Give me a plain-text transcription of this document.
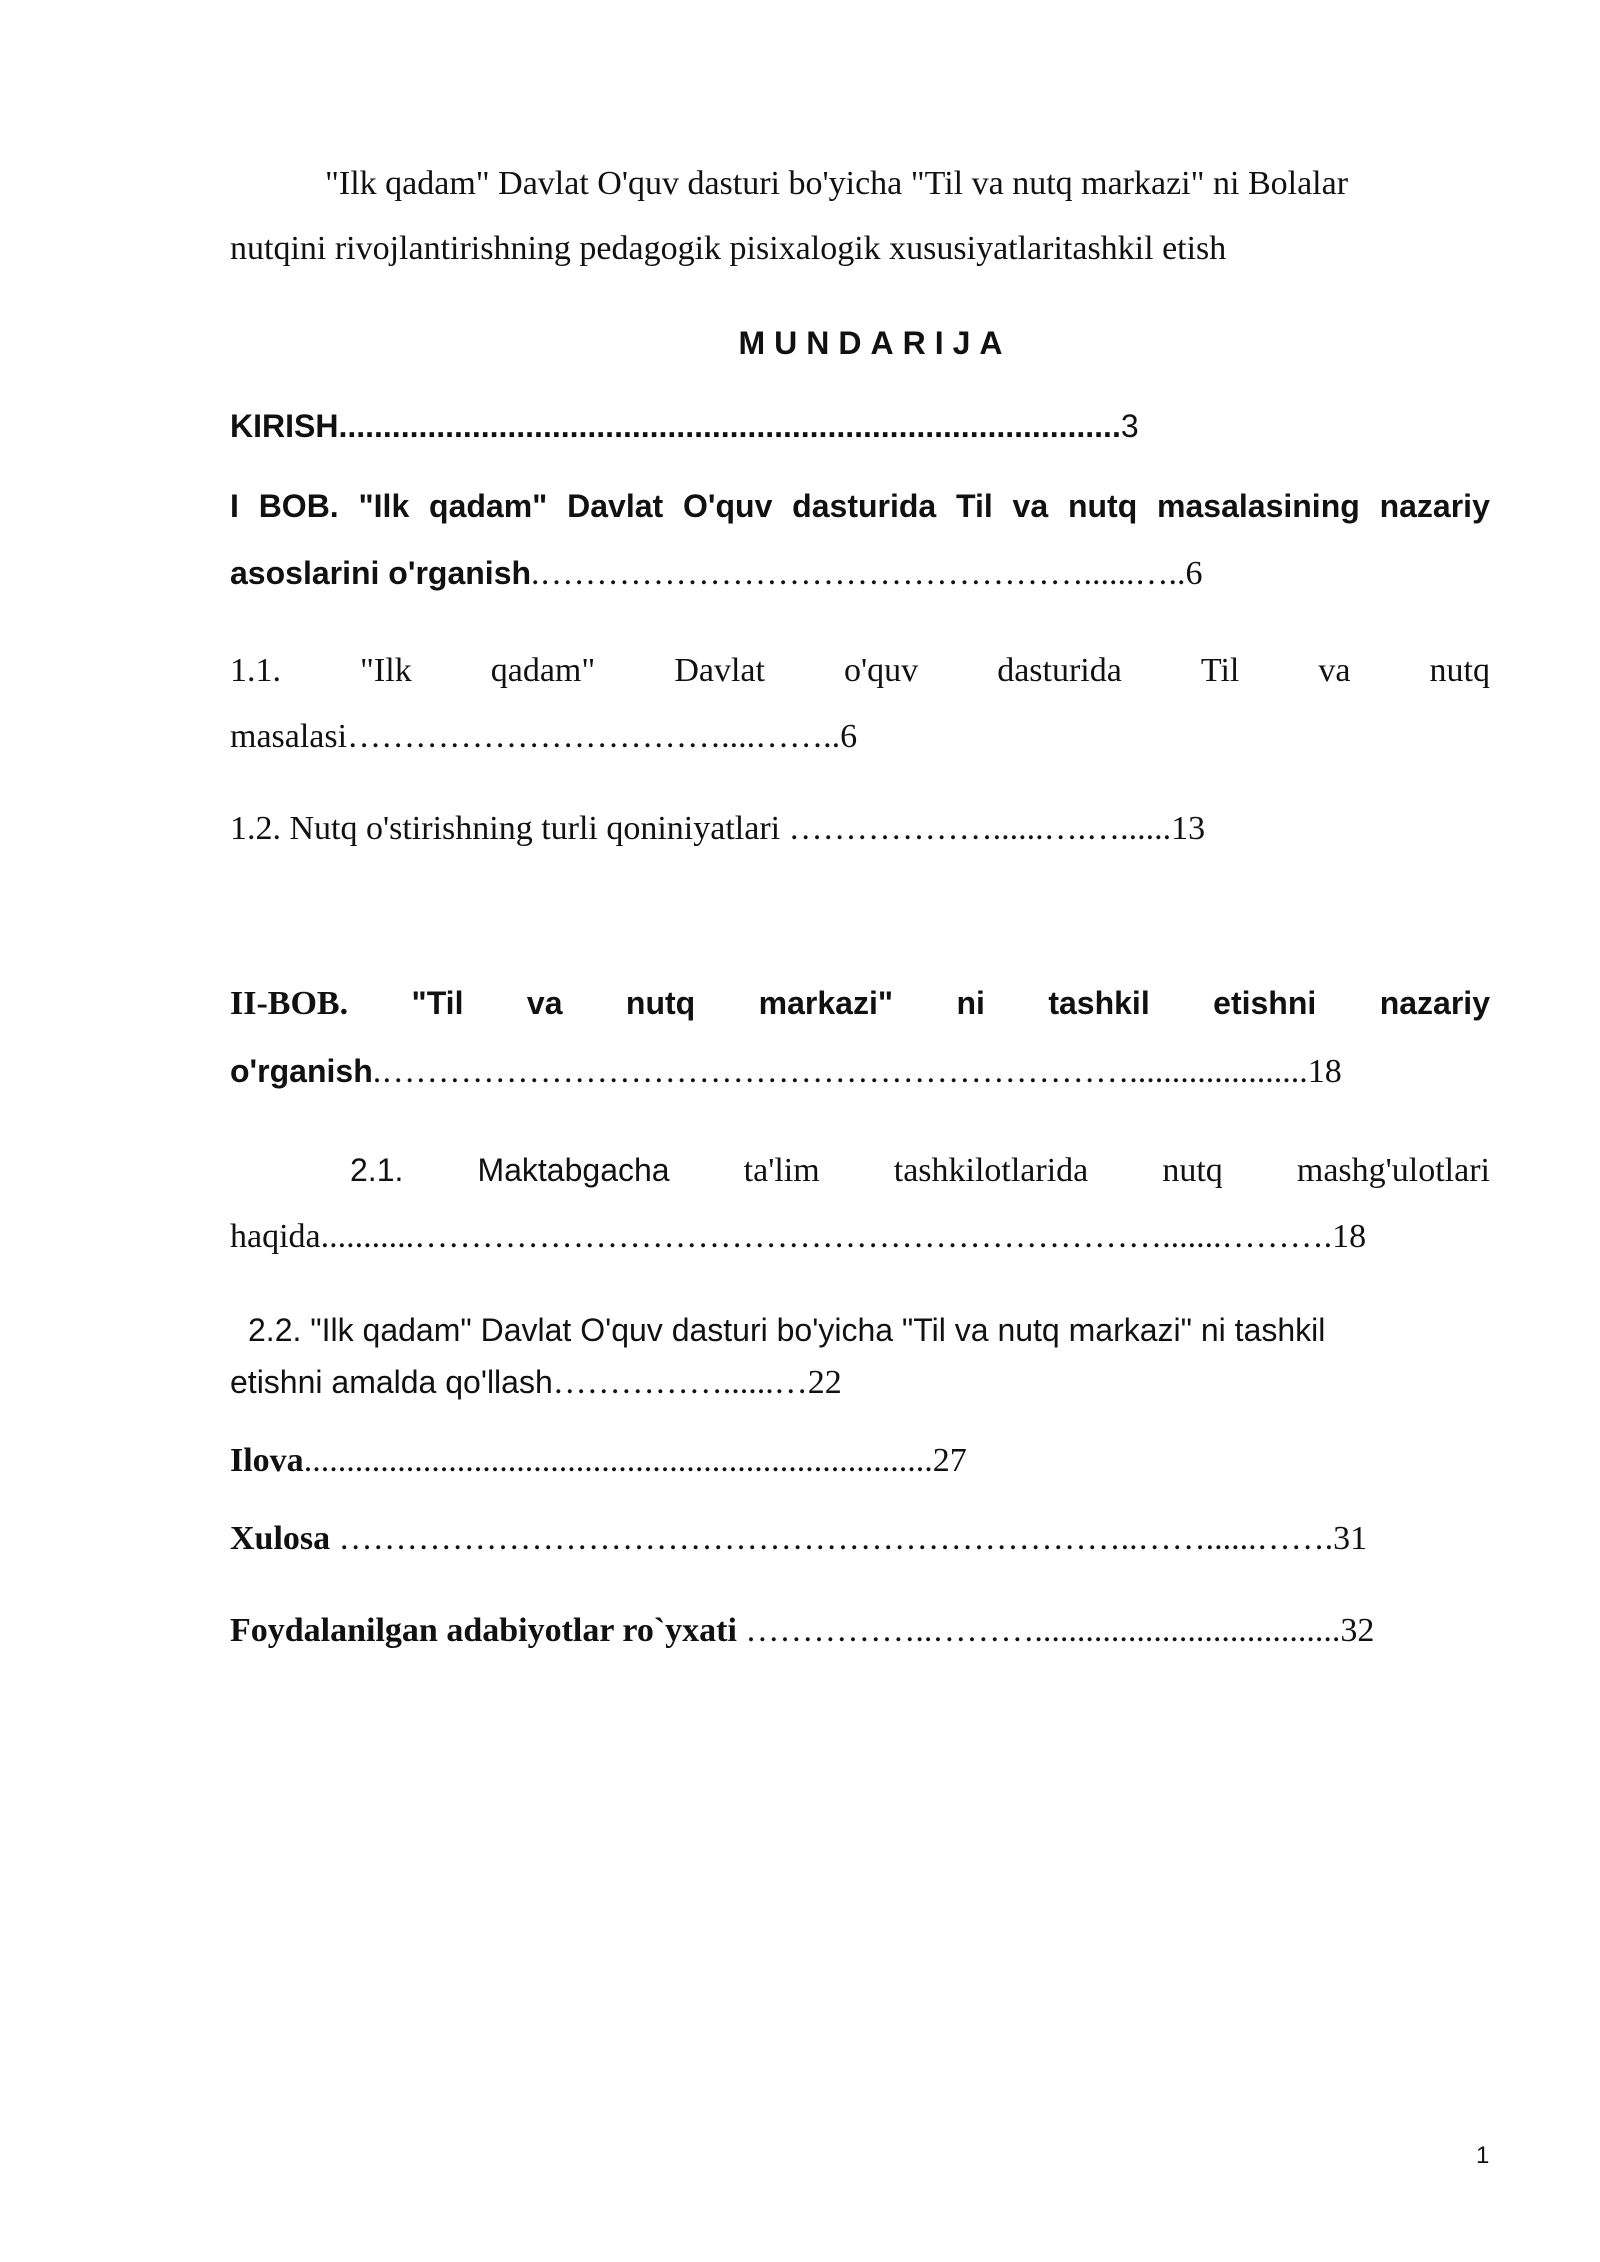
"Ilk qadam" Davlat O'quv dasturi bo'yicha "Til va nutq markazi" ni Bolalar
nutqini rivojlantirishning pedagogik pisixalogik xususiyatlaritashkil etish
MUNDARIJA
KIRISH........................................................................................3
I BOB. "Ilk qadam" Davlat O'quv dasturida Til va nutq masalasining nazariy
asoslarini o'rganish.…………………………………………......…..6
1.1. "Ilk qadam" Davlat o'quv dasturida Til va nutq
masalasi……………………………....……..6
1.2. Nutq o'stirishning turli qoniniyatlari ………………......….…......13
II-BOB. "Til va nutq markazi" ni tashkil etishni nazariy
o'rganish.………………………………………………………….....................18
2.1. Maktabgacha ta'lim tashkilotlarida nutq mashg'ulotlari
haqida...........………………………………………………………….......……….18
2.2. "Ilk qadam" Davlat O'quv dasturi bo'yicha "Til va nutq markazi" ni tashkil
etishni amalda qo'llash……………......…22
Ilova..........................................................................27
Xulosa ……………………………………………………………..……......…….31
Foydalanilgan adabiyotlar ro`yxati ……………..………....................................32
1
